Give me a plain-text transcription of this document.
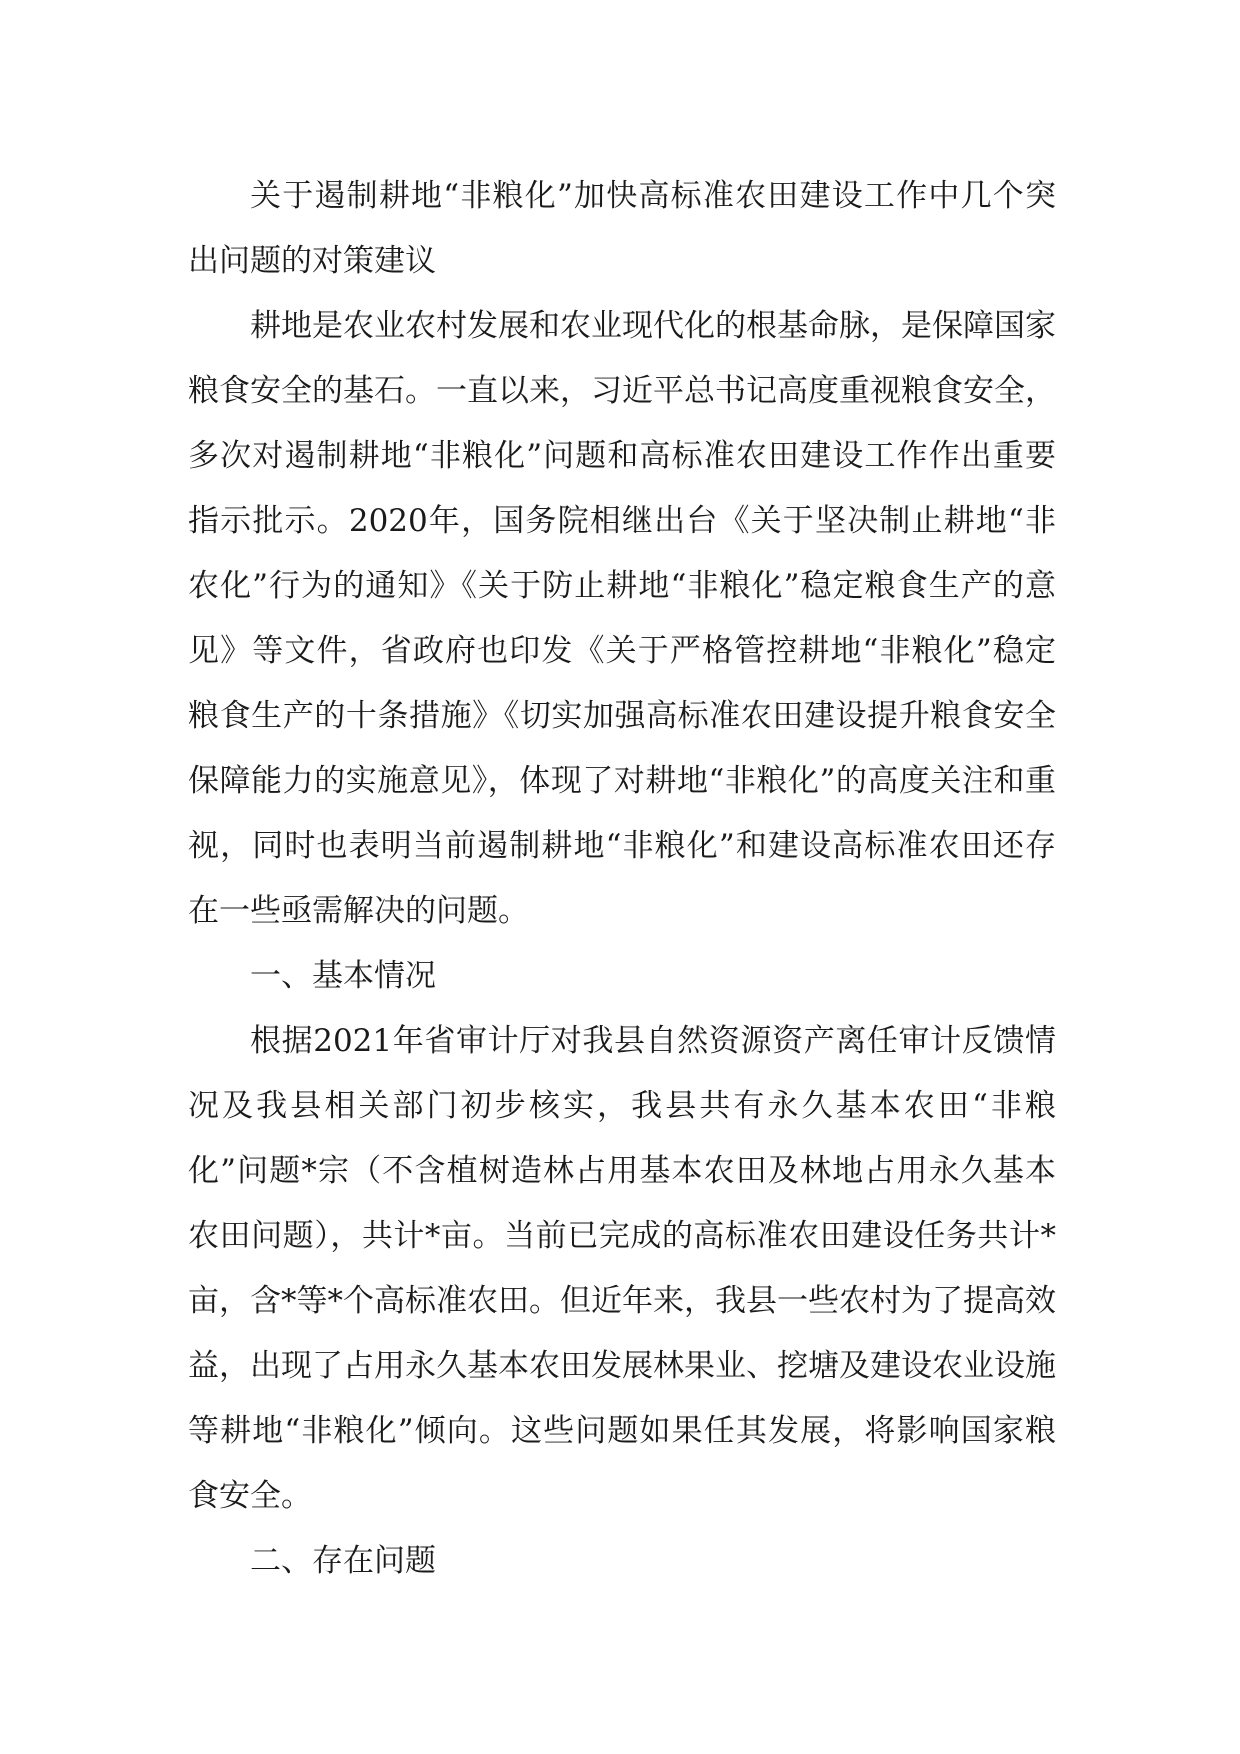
关于遏制耕地“非粮化”加快高标准农田建设工作中几个突出问题的对策建议

耕地是农业农村发展和农业现代化的根基命脉，是保障国家粮食安全的基石。一直以来，习近平总书记高度重视粮食安全，多次对遏制耕地“非粮化”问题和高标准农田建设工作作出重要指示批示。2020年，国务院相继出台《关于坚决制止耕地“非农化”行为的通知》《关于防止耕地“非粮化”稳定粮食生产的意见》等文件，省政府也印发《关于严格管控耕地“非粮化”稳定粮食生产的十条措施》《切实加强高标准农田建设提升粮食安全保障能力的实施意见》，体现了对耕地“非粮化”的高度关注和重视，同时也表明当前遏制耕地“非粮化”和建设高标准农田还存在一些亟需解决的问题。

一、基本情况

根据2021年省审计厅对我县自然资源资产离任审计反馈情况及我县相关部门初步核实，我县共有永久基本农田“非粮化”问题*宗（不含植树造林占用基本农田及林地占用永久基本农田问题），共计*亩。当前已完成的高标准农田建设任务共计*亩，含*等*个高标准农田。但近年来，我县一些农村为了提高效益，出现了占用永久基本农田发展林果业、挖塘及建设农业设施等耕地“非粮化”倾向。这些问题如果任其发展，将影响国家粮食安全。

二、存在问题
